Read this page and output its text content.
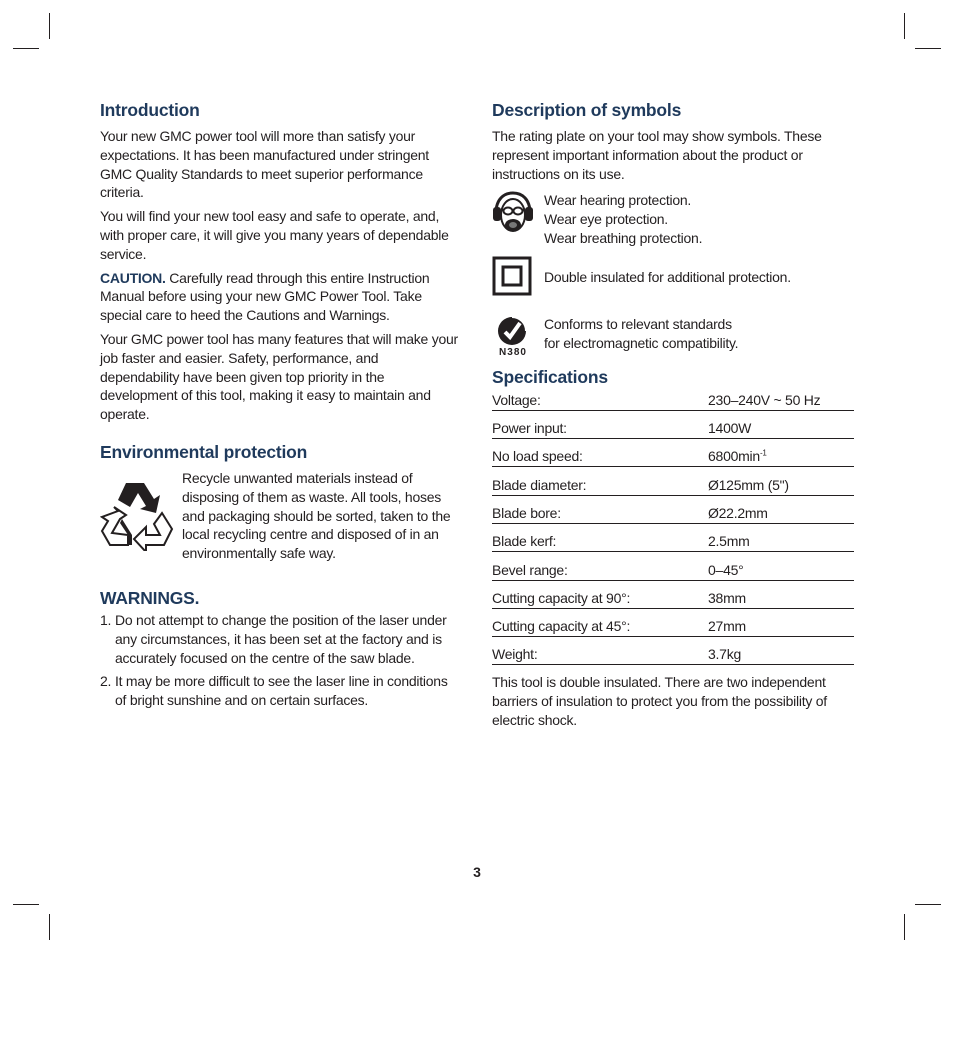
Introduction

Your new GMC power tool will more than satisfy your expectations. It has been manufactured under stringent GMC Quality Standards to meet superior performance criteria.

You will find your new tool easy and safe to operate, and, with proper care, it will give you many years of dependable service.

CAUTION. Carefully read through this entire Instruction Manual before using your new GMC Power Tool. Take special care to heed the Cautions and Warnings.

Your GMC power tool has many features that will make your job faster and easier. Safety, performance, and dependability have been given top priority in the development of this tool, making it easy to maintain and operate.

Environmental protection

Recycle unwanted materials instead of disposing of them as waste. All tools, hoses and packaging should be sorted, taken to the local recycling centre and disposed of in an environmentally safe way.

WARNINGS.
1. Do not attempt to change the position of the laser under any circumstances, it has been set at the factory and is accurately focused on the centre of the saw blade.
2. It may be more difficult to see the laser line in conditions of bright sunshine and on certain surfaces.
Description of symbols

The rating plate on your tool may show symbols. These represent important information about the product or instructions on its use.

Wear hearing protection.
Wear eye protection.
Wear breathing protection.
Double insulated for additional protection.
N380
Conforms to relevant standards
for electromagnetic compatibility.
Specifications
Voltage:	230–240V ~ 50 Hz
Power input:	1400W
No load speed:	$6800\min^{-1}$
Blade diameter:	Ø125mm (5")
Blade bore:	Ø22.2mm
Blade kerf:	2.5mm
Bevel range:	0–45°
Cutting capacity at 90°:	38mm
Cutting capacity at 45°:	27mm
Weight:	3.7kg

This tool is double insulated. There are two independent barriers of insulation to protect you from the possibility of electric shock.

3
